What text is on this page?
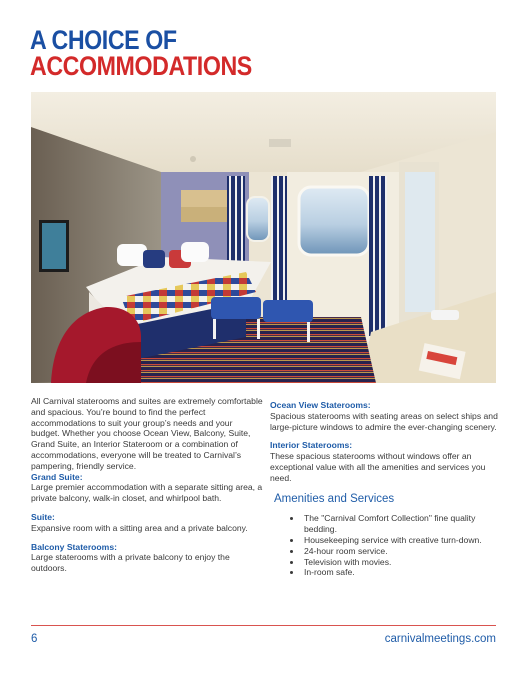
A CHOICE OF
ACCOMMODATIONS

All Carnival staterooms and suites are extremely comfortable and spacious. You’re bound to find the perfect accommodations to suit your group’s needs and your budget. Whether you choose Ocean View, Balcony, Suite, Grand Suite, an Interior Stateroom or a combination of accommodations, everyone will be treated to Carnival’s pampering, friendly service.

Grand Suite:

Large premier accommodation with a separate sitting area, a private balcony, walk-in closet, and whirlpool bath.

Suite:

Expansive room with a sitting area and a private balcony.

Balcony Staterooms:

Large staterooms with a private balcony to enjoy the outdoors.

Ocean View Staterooms:

Spacious staterooms with seating areas on select ships and large-picture windows to admire the ever-changing scenery.

Interior Staterooms:

These spacious staterooms without windows offer an exceptional value with all the amenities and services you need.

Amenities and Services
• The "Carnival Comfort Collection" fine quality bedding.
• Housekeeping service with creative turn-down.
• 24-hour room service.
• Television with movies.
• In-room safe.
6	carnivalmeetings.com
